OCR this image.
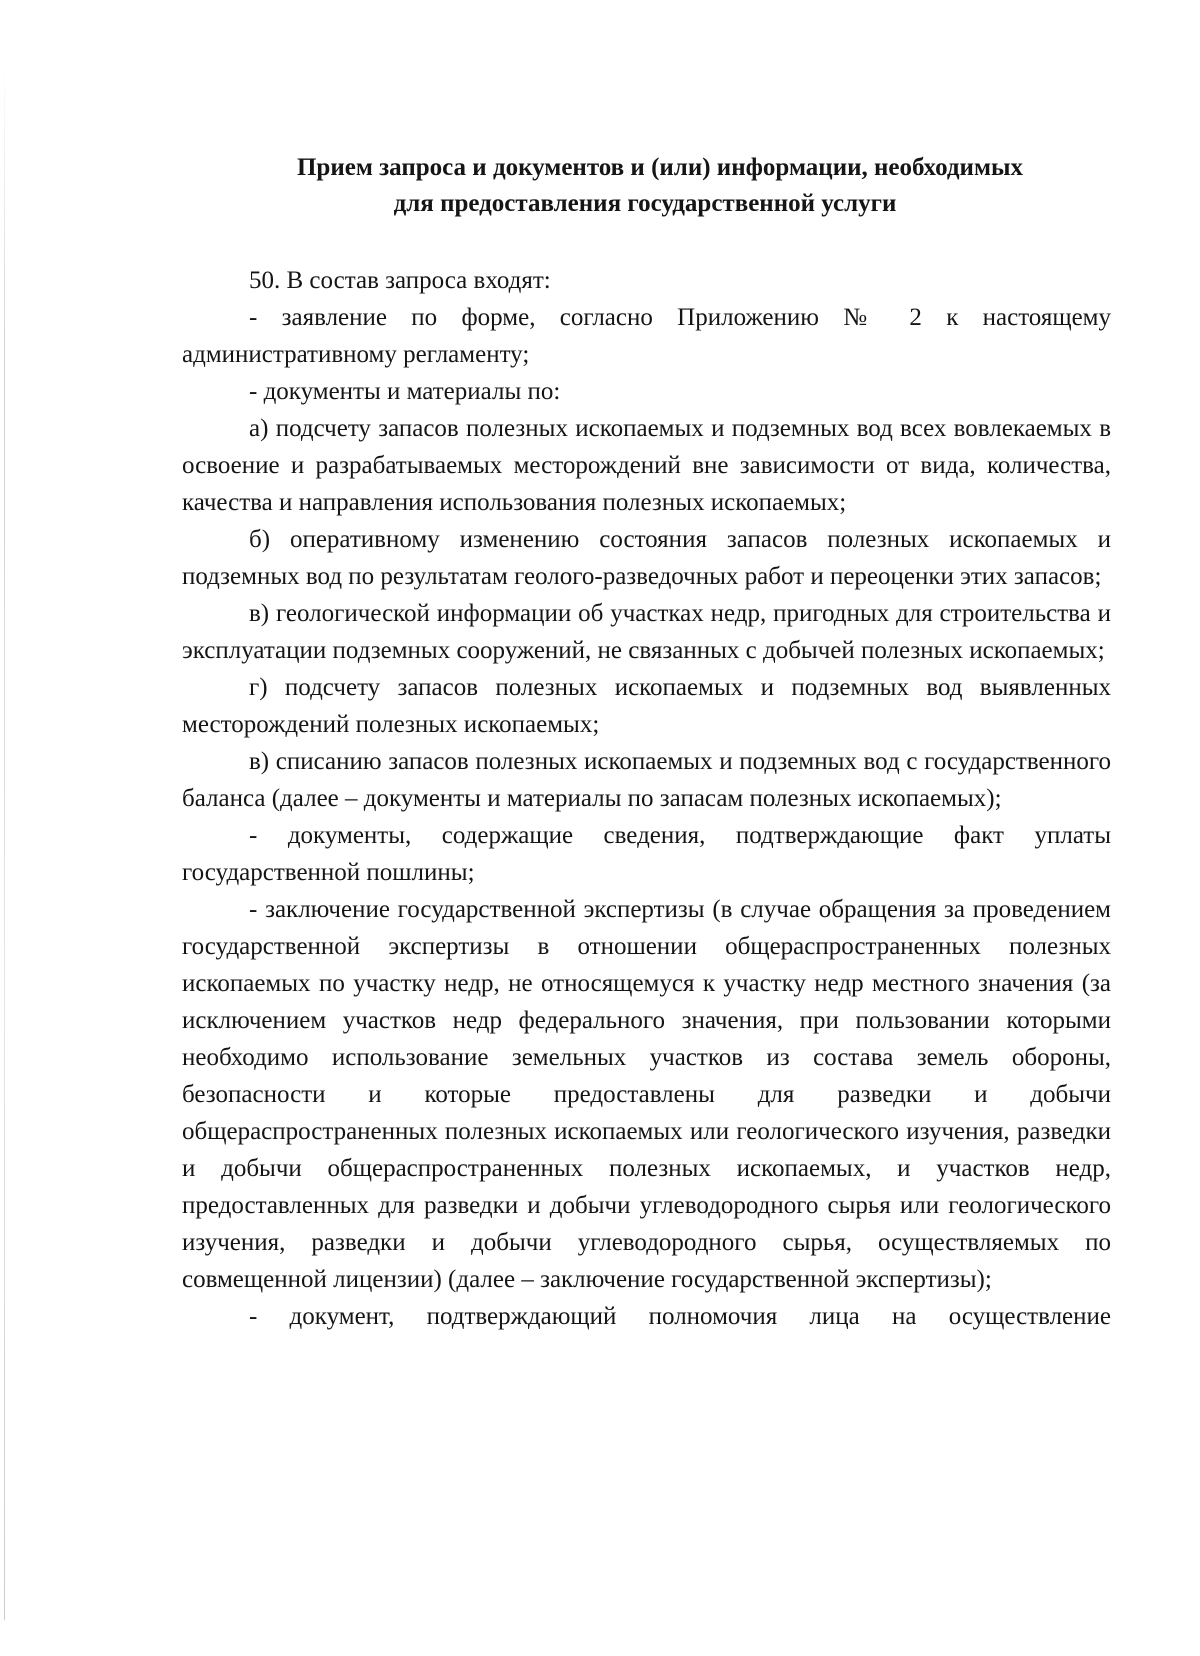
Прием запроса и документов и (или) информации, необходимых
для предоставления государственной услуги

50. В состав запроса входят:

- заявление по форме, согласно Приложению № 2 к настоящему административному регламенту;

- документы и материалы по:

а) подсчету запасов полезных ископаемых и подземных вод всех вовлекаемых в освоение и разрабатываемых месторождений вне зависимости от вида, количества, качества и направления использования полезных ископаемых;

б) оперативному изменению состояния запасов полезных ископаемых и подземных вод по результатам геолого-разведочных работ и переоценки этих запасов;

в) геологической информации об участках недр, пригодных для строительства и эксплуатации подземных сооружений, не связанных с добычей полезных ископаемых;

г) подсчету запасов полезных ископаемых и подземных вод выявленных месторождений полезных ископаемых;

в) списанию запасов полезных ископаемых и подземных вод с государственного баланса (далее – документы и материалы по запасам полезных ископаемых);

- документы, содержащие сведения, подтверждающие факт уплаты государственной пошлины;

- заключение государственной экспертизы (в случае обращения за проведением государственной экспертизы в отношении общераспространенных полезных ископаемых по участку недр, не относящемуся к участку недр местного значения (за исключением участков недр федерального значения, при пользовании которыми необходимо использование земельных участков из состава земель обороны, безопасности и которые предоставлены для разведки и добычи общераспространенных полезных ископаемых или геологического изучения, разведки и добычи общераспространенных полезных ископаемых, и участков недр, предоставленных для разведки и добычи углеводородного сырья или геологического изучения, разведки и добычи углеводородного сырья, осуществляемых по совмещенной лицензии) (далее – заключение государственной экспертизы);

- документ, подтверждающий полномочия лица на осуществление
